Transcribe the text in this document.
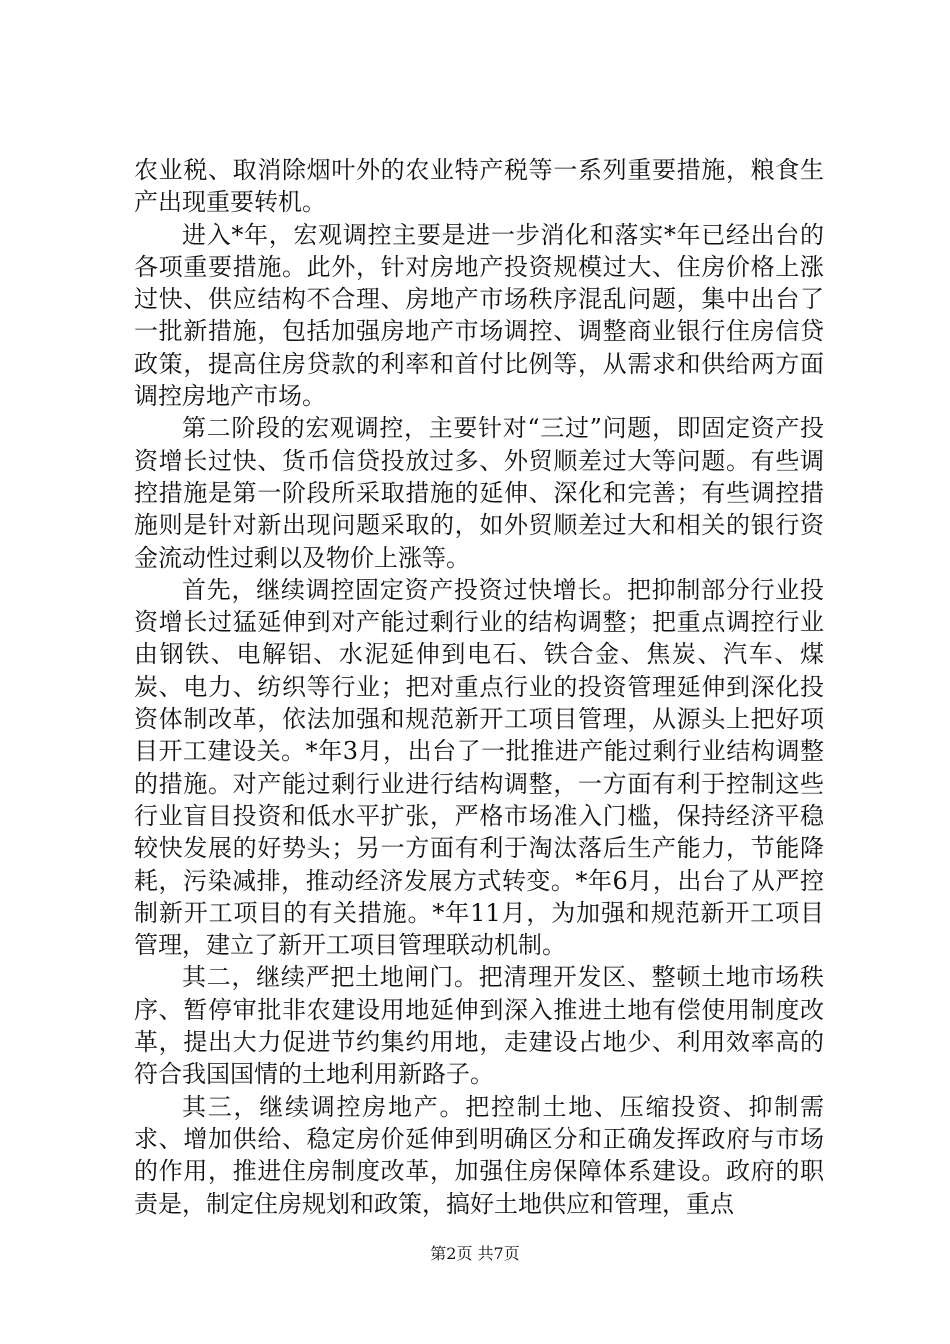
农业税、取消除烟叶外的农业特产税等一系列重要措施，粮食生产出现重要转机。

进入*年，宏观调控主要是进一步消化和落实*年已经出台的各项重要措施。此外，针对房地产投资规模过大、住房价格上涨过快、供应结构不合理、房地产市场秩序混乱问题，集中出台了一批新措施，包括加强房地产市场调控、调整商业银行住房信贷政策，提高住房贷款的利率和首付比例等，从需求和供给两方面调控房地产市场。

第二阶段的宏观调控，主要针对“三过”问题，即固定资产投资增长过快、货币信贷投放过多、外贸顺差过大等问题。有些调控措施是第一阶段所采取措施的延伸、深化和完善；有些调控措施则是针对新出现问题采取的，如外贸顺差过大和相关的银行资金流动性过剩以及物价上涨等。

首先，继续调控固定资产投资过快增长。把抑制部分行业投资增长过猛延伸到对产能过剩行业的结构调整；把重点调控行业由钢铁、电解铝、水泥延伸到电石、铁合金、焦炭、汽车、煤炭、电力、纺织等行业；把对重点行业的投资管理延伸到深化投资体制改革，依法加强和规范新开工项目管理，从源头上把好项目开工建设关。*年3月，出台了一批推进产能过剩行业结构调整的措施。对产能过剩行业进行结构调整，一方面有利于控制这些行业盲目投资和低水平扩张，严格市场准入门槛，保持经济平稳较快发展的好势头；另一方面有利于淘汰落后生产能力，节能降耗，污染减排，推动经济发展方式转变。*年6月，出台了从严控制新开工项目的有关措施。*年11月，为加强和规范新开工项目管理，建立了新开工项目管理联动机制。

其二，继续严把土地闸门。把清理开发区、整顿土地市场秩序、暂停审批非农建设用地延伸到深入推进土地有偿使用制度改革，提出大力促进节约集约用地，走建设占地少、利用效率高的符合我国国情的土地利用新路子。

其三，继续调控房地产。把控制土地、压缩投资、抑制需求、增加供给、稳定房价延伸到明确区分和正确发挥政府与市场的作用，推进住房制度改革，加强住房保障体系建设。政府的职责是，制定住房规划和政策，搞好土地供应和管理，重点

第2页 共7页
